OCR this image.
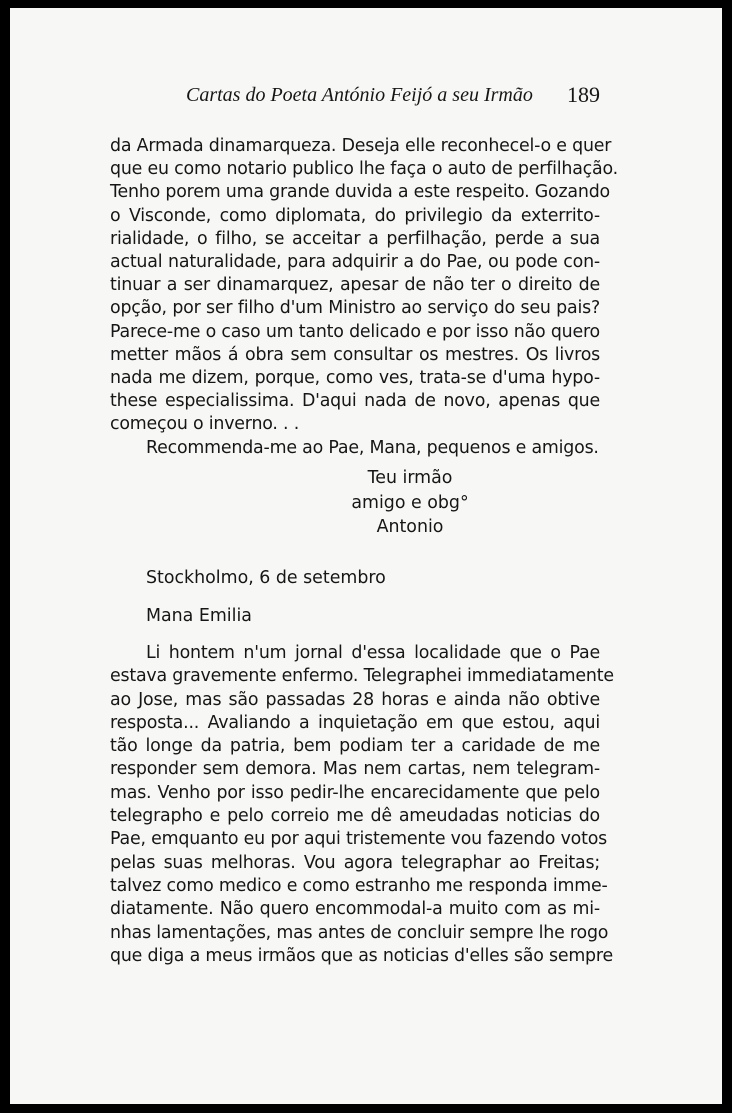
Cartas do Poeta António Feijó a seu Irmão 189

da Armada dinamarqueza. Deseja elle reconhecel-o e quer
que eu como notario publico lhe faça o auto de perfilhação.
Tenho porem uma grande duvida a este respeito. Gozando
o Visconde, como diplomata, do privilegio da exterrito-
rialidade, o filho, se acceitar a perfilhação, perde a sua
actual naturalidade, para adquirir a do Pae, ou pode con-
tinuar a ser dinamarquez, apesar de não ter o direito de
opção, por ser filho d'um Ministro ao serviço do seu pais?
Parece-me o caso um tanto delicado e por isso não quero
metter mãos á obra sem consultar os mestres. Os livros
nada me dizem, porque, como ves, trata-se d'uma hypo-
these especialissima. D'aqui nada de novo, apenas que
começou o inverno. . .

Recommenda-me ao Pae, Mana, pequenos e amigos.

Teu irmão
amigo e obg°
Antonio
Stockholmo, 6 de setembro
Mana Emilia

Li hontem n'um jornal d'essa localidade que o Pae
estava gravemente enfermo. Telegraphei immediatamente
ao Jose, mas são passadas 28 horas e ainda não obtive
resposta... Avaliando a inquietação em que estou, aqui
tão longe da patria, bem podiam ter a caridade de me
responder sem demora. Mas nem cartas, nem telegram-
mas. Venho por isso pedir-lhe encarecidamente que pelo
telegrapho e pelo correio me dê ameudadas noticias do
Pae, emquanto eu por aqui tristemente vou fazendo votos
pelas suas melhoras. Vou agora telegraphar ao Freitas;
talvez como medico e como estranho me responda imme-
diatamente. Não quero encommodal-a muito com as mi-
nhas lamentações, mas antes de concluir sempre lhe rogo
que diga a meus irmãos que as noticias d'elles são sempre
